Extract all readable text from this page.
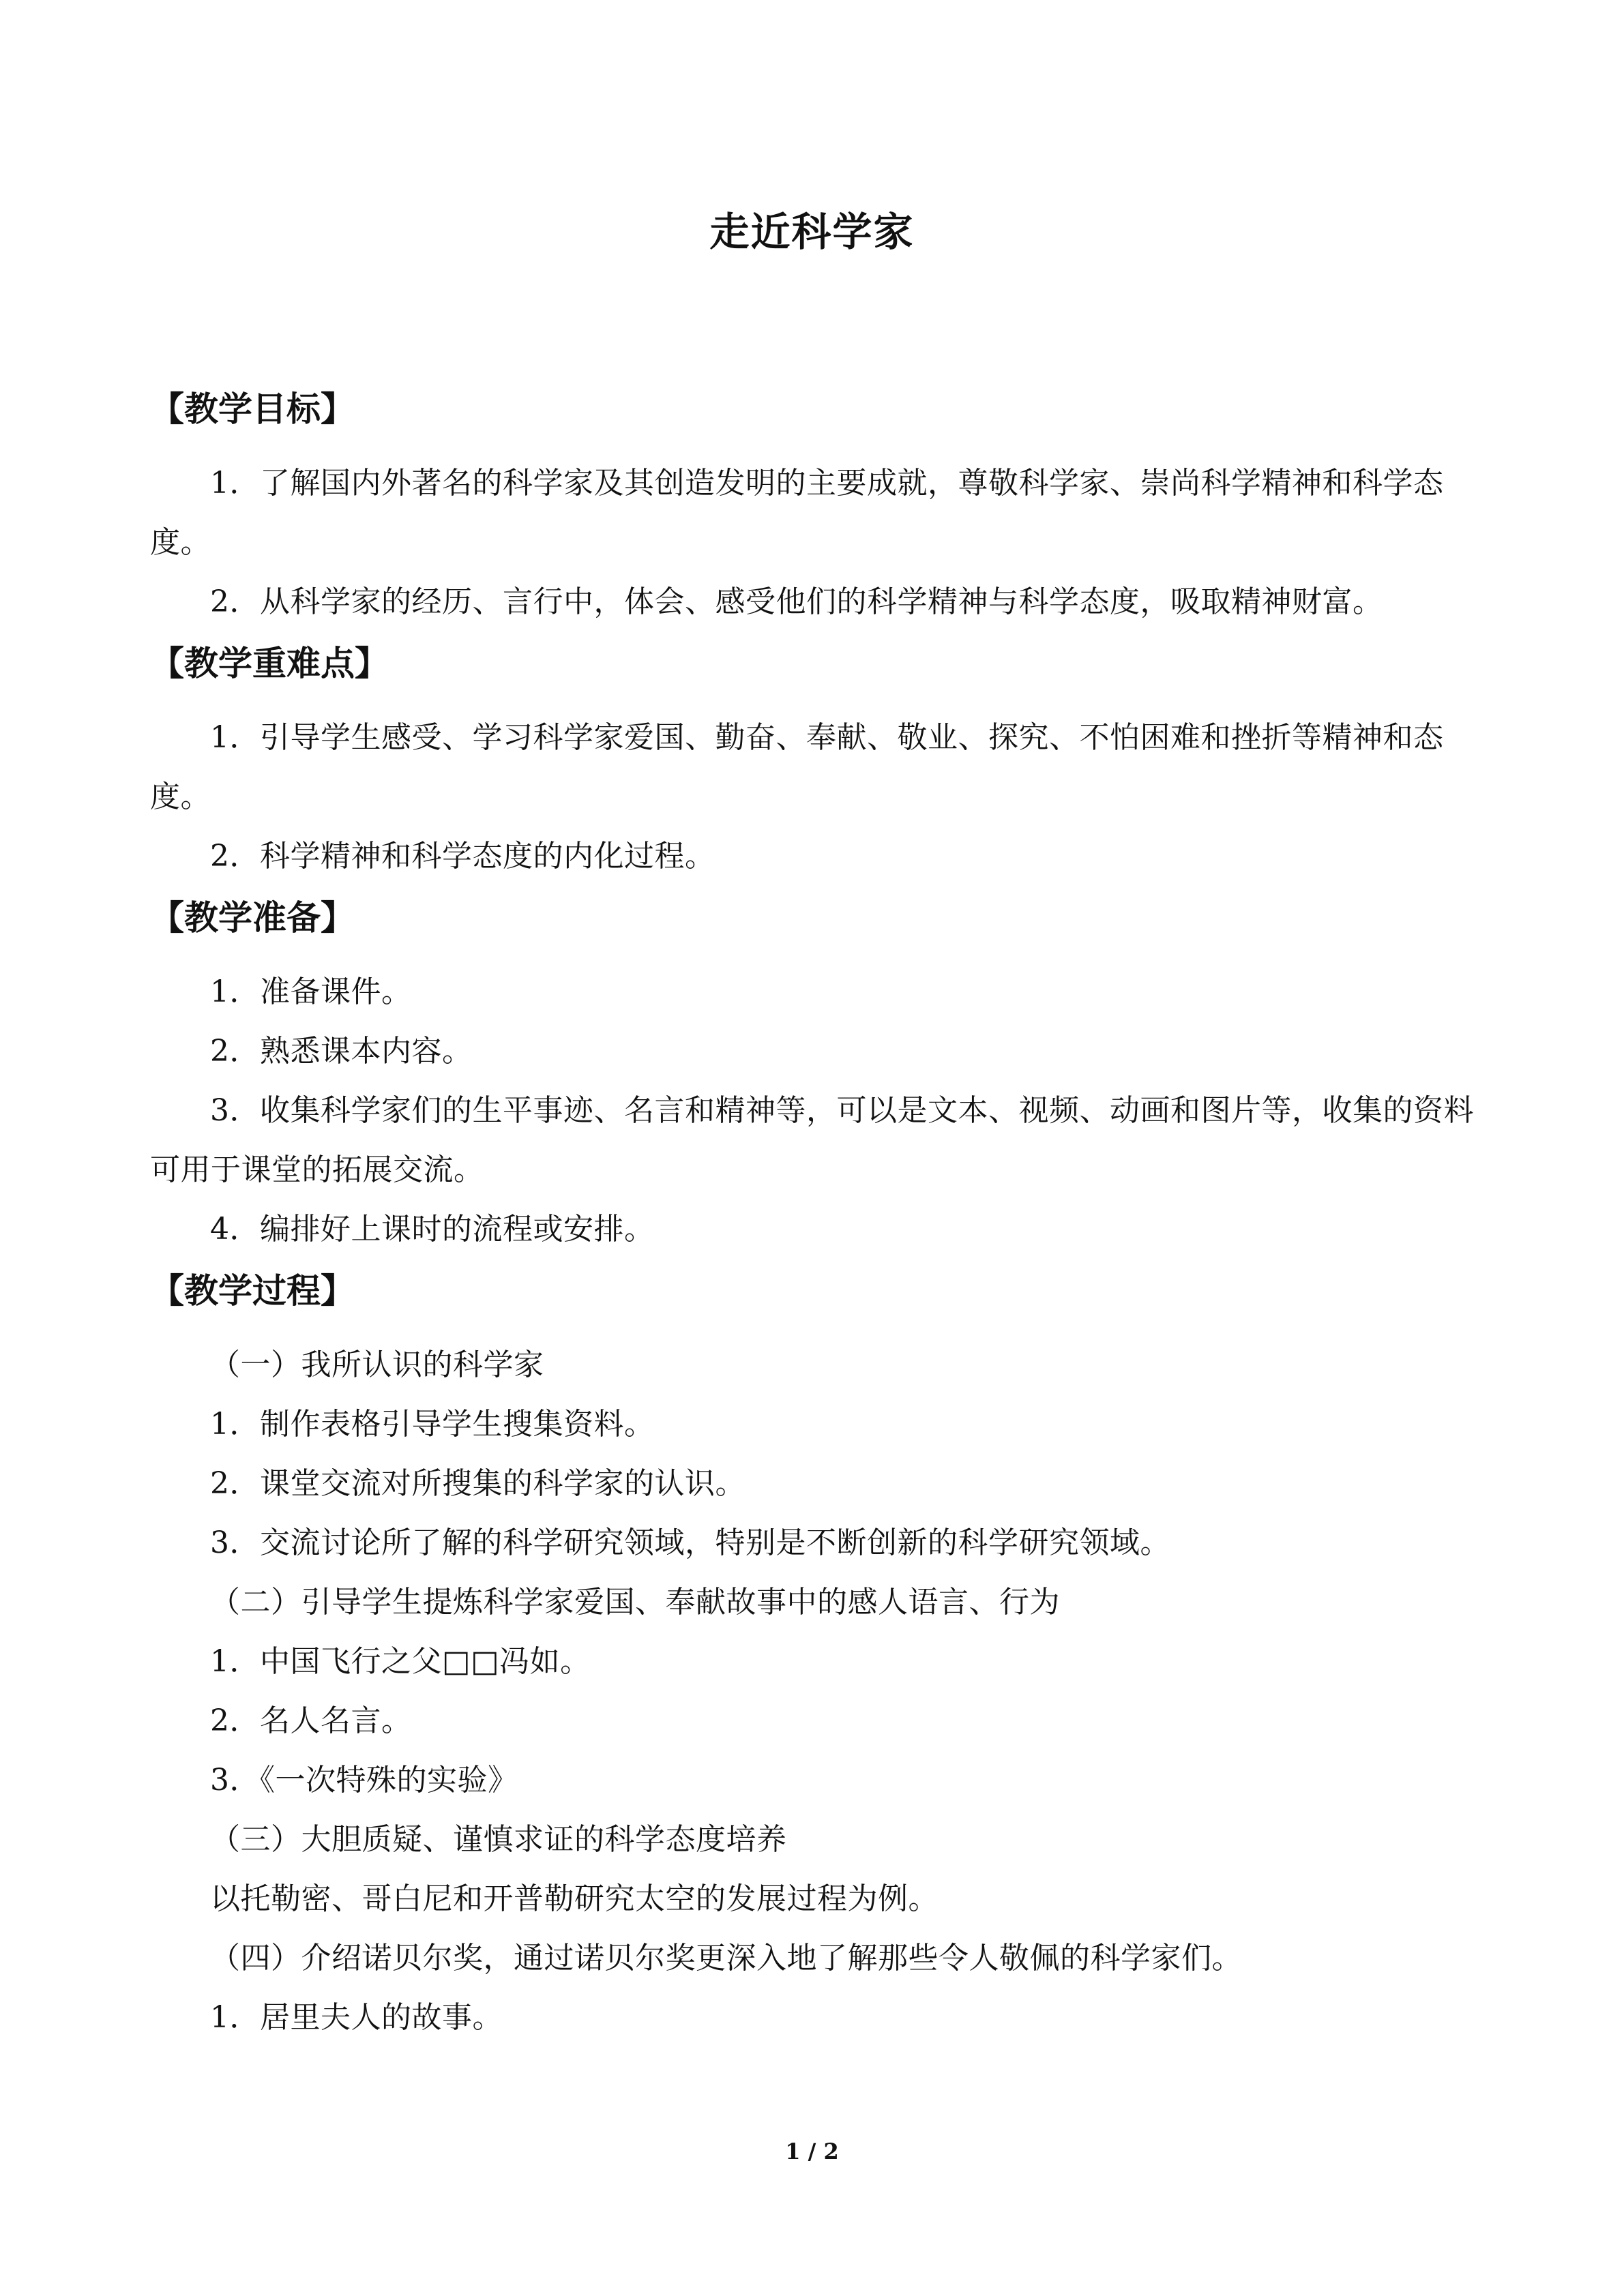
走近科学家
【教学目标】

1．了解国内外著名的科学家及其创造发明的主要成就，尊敬科学家、崇尚科学精神和科学态度。

2．从科学家的经历、言行中，体会、感受他们的科学精神与科学态度，吸取精神财富。

【教学重难点】

1．引导学生感受、学习科学家爱国、勤奋、奉献、敬业、探究、不怕困难和挫折等精神和态度。

2．科学精神和科学态度的内化过程。

【教学准备】

1．准备课件。

2．熟悉课本内容。

3．收集科学家们的生平事迹、名言和精神等，可以是文本、视频、动画和图片等，收集的资料可用于课堂的拓展交流。

4．编排好上课时的流程或安排。

【教学过程】

（一）我所认识的科学家

1．制作表格引导学生搜集资料。

2．课堂交流对所搜集的科学家的认识。

3．交流讨论所了解的科学研究领域，特别是不断创新的科学研究领域。

（二）引导学生提炼科学家爱国、奉献故事中的感人语言、行为

1．中国飞行之父□□冯如。

2．名人名言。

3．《一次特殊的实验》

（三）大胆质疑、谨慎求证的科学态度培养

以托勒密、哥白尼和开普勒研究太空的发展过程为例。

（四）介绍诺贝尔奖，通过诺贝尔奖更深入地了解那些令人敬佩的科学家们。

1．居里夫人的故事。

1 / 2
